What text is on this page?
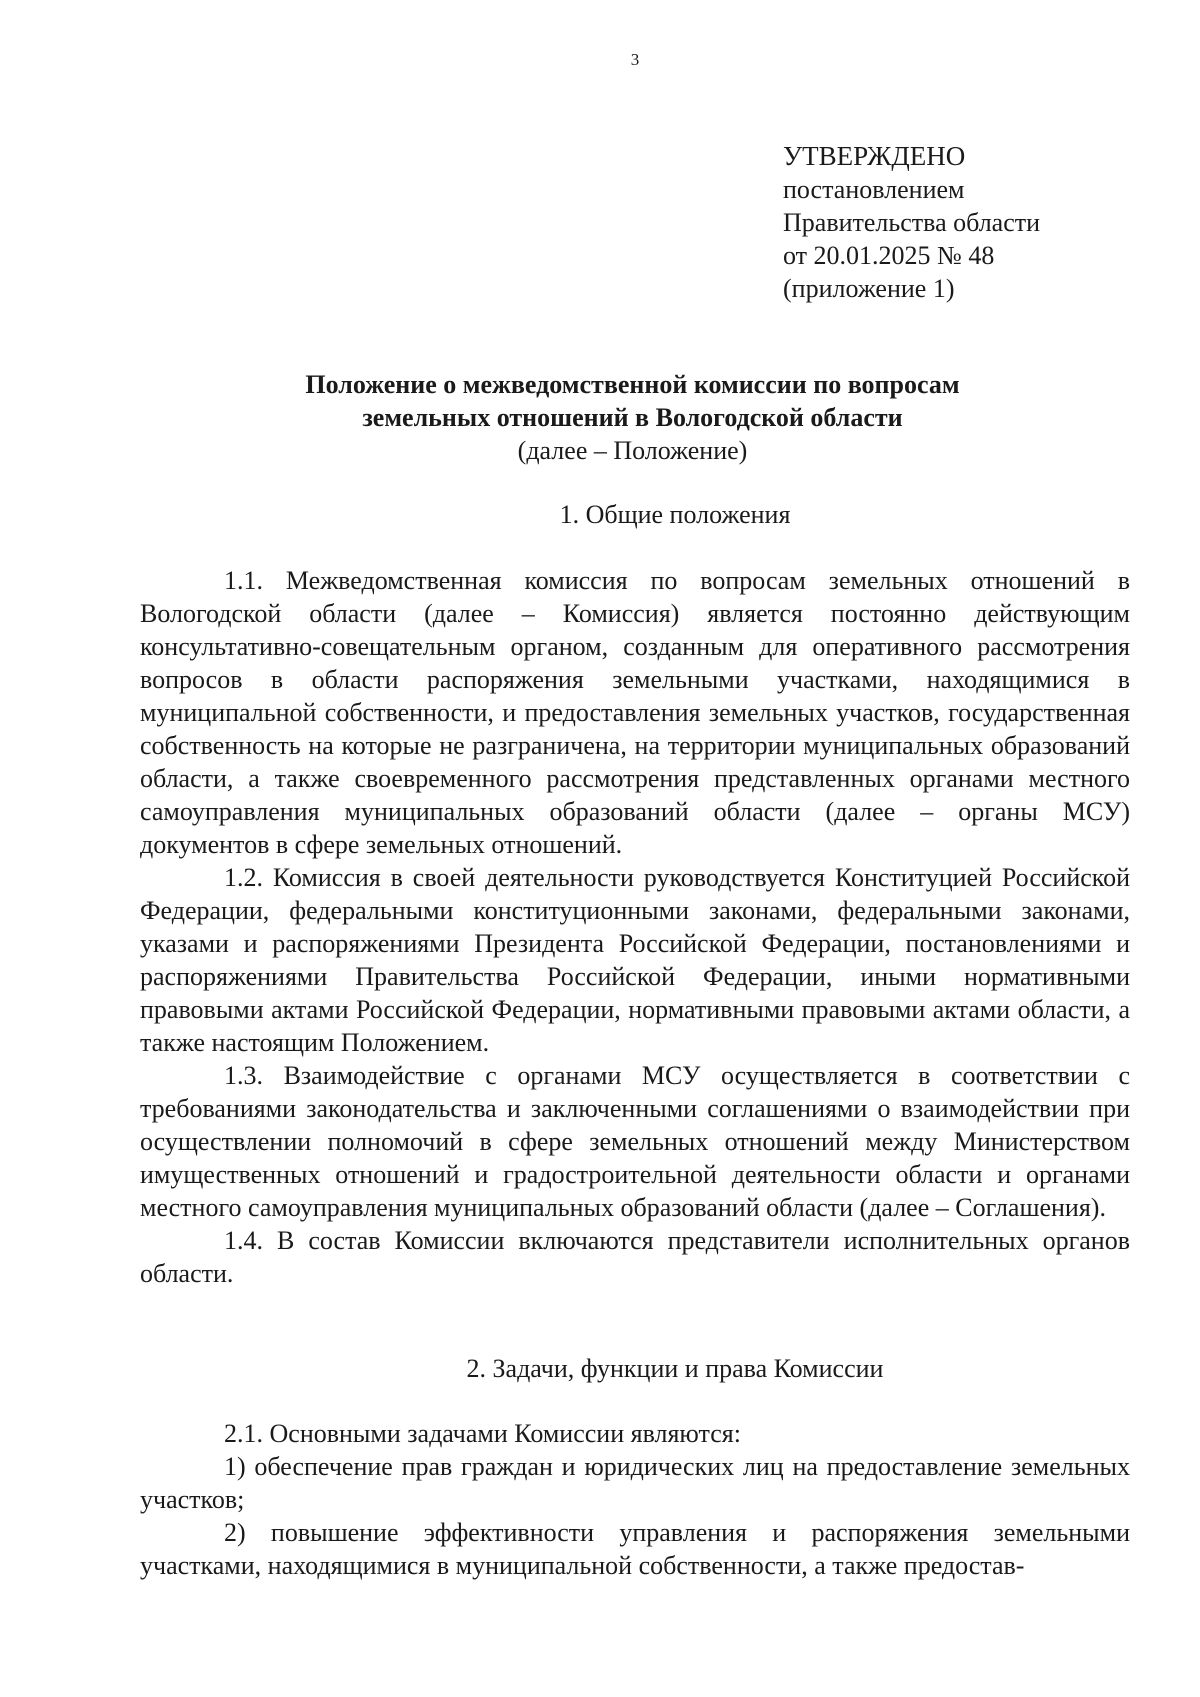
3
УТВЕРЖДЕНО
постановлением
Правительства области
от 20.01.2025 № 48
(приложение 1)
Положение о межведомственной комиссии по вопросам
земельных отношений в Вологодской области
(далее – Положение)
1. Общие положения

1.1. Межведомственная комиссия по вопросам земельных отношений в Вологодской области (далее – Комиссия) является постоянно действующим консультативно-совещательным органом, созданным для оперативного рассмотрения вопросов в области распоряжения земельными участками, находящимися в муниципальной собственности, и предоставления земельных участков, государственная собственность на которые не разграничена, на территории муниципальных образований области, а также своевременного рассмотрения представленных органами местного самоуправления муниципальных образований области (далее – органы МСУ) документов в сфере земельных отношений.

1.2. Комиссия в своей деятельности руководствуется Конституцией Российской Федерации, федеральными конституционными законами, федеральными законами, указами и распоряжениями Президента Российской Федерации, постановлениями и распоряжениями Правительства Российской Федерации, иными нормативными правовыми актами Российской Федерации, нормативными правовыми актами области, а также настоящим Положением.

1.3. Взаимодействие с органами МСУ осуществляется в соответствии с требованиями законодательства и заключенными соглашениями о взаимодействии при осуществлении полномочий в сфере земельных отношений между Министерством имущественных отношений и градостроительной деятельности области и органами местного самоуправления муниципальных образований области (далее – Соглашения).

1.4. В состав Комиссии включаются представители исполнительных органов области.

2. Задачи, функции и права Комиссии

2.1. Основными задачами Комиссии являются:

1) обеспечение прав граждан и юридических лиц на предоставление земельных участков;

2) повышение эффективности управления и распоряжения земельными участками, находящимися в муниципальной собственности, а также предостав-
